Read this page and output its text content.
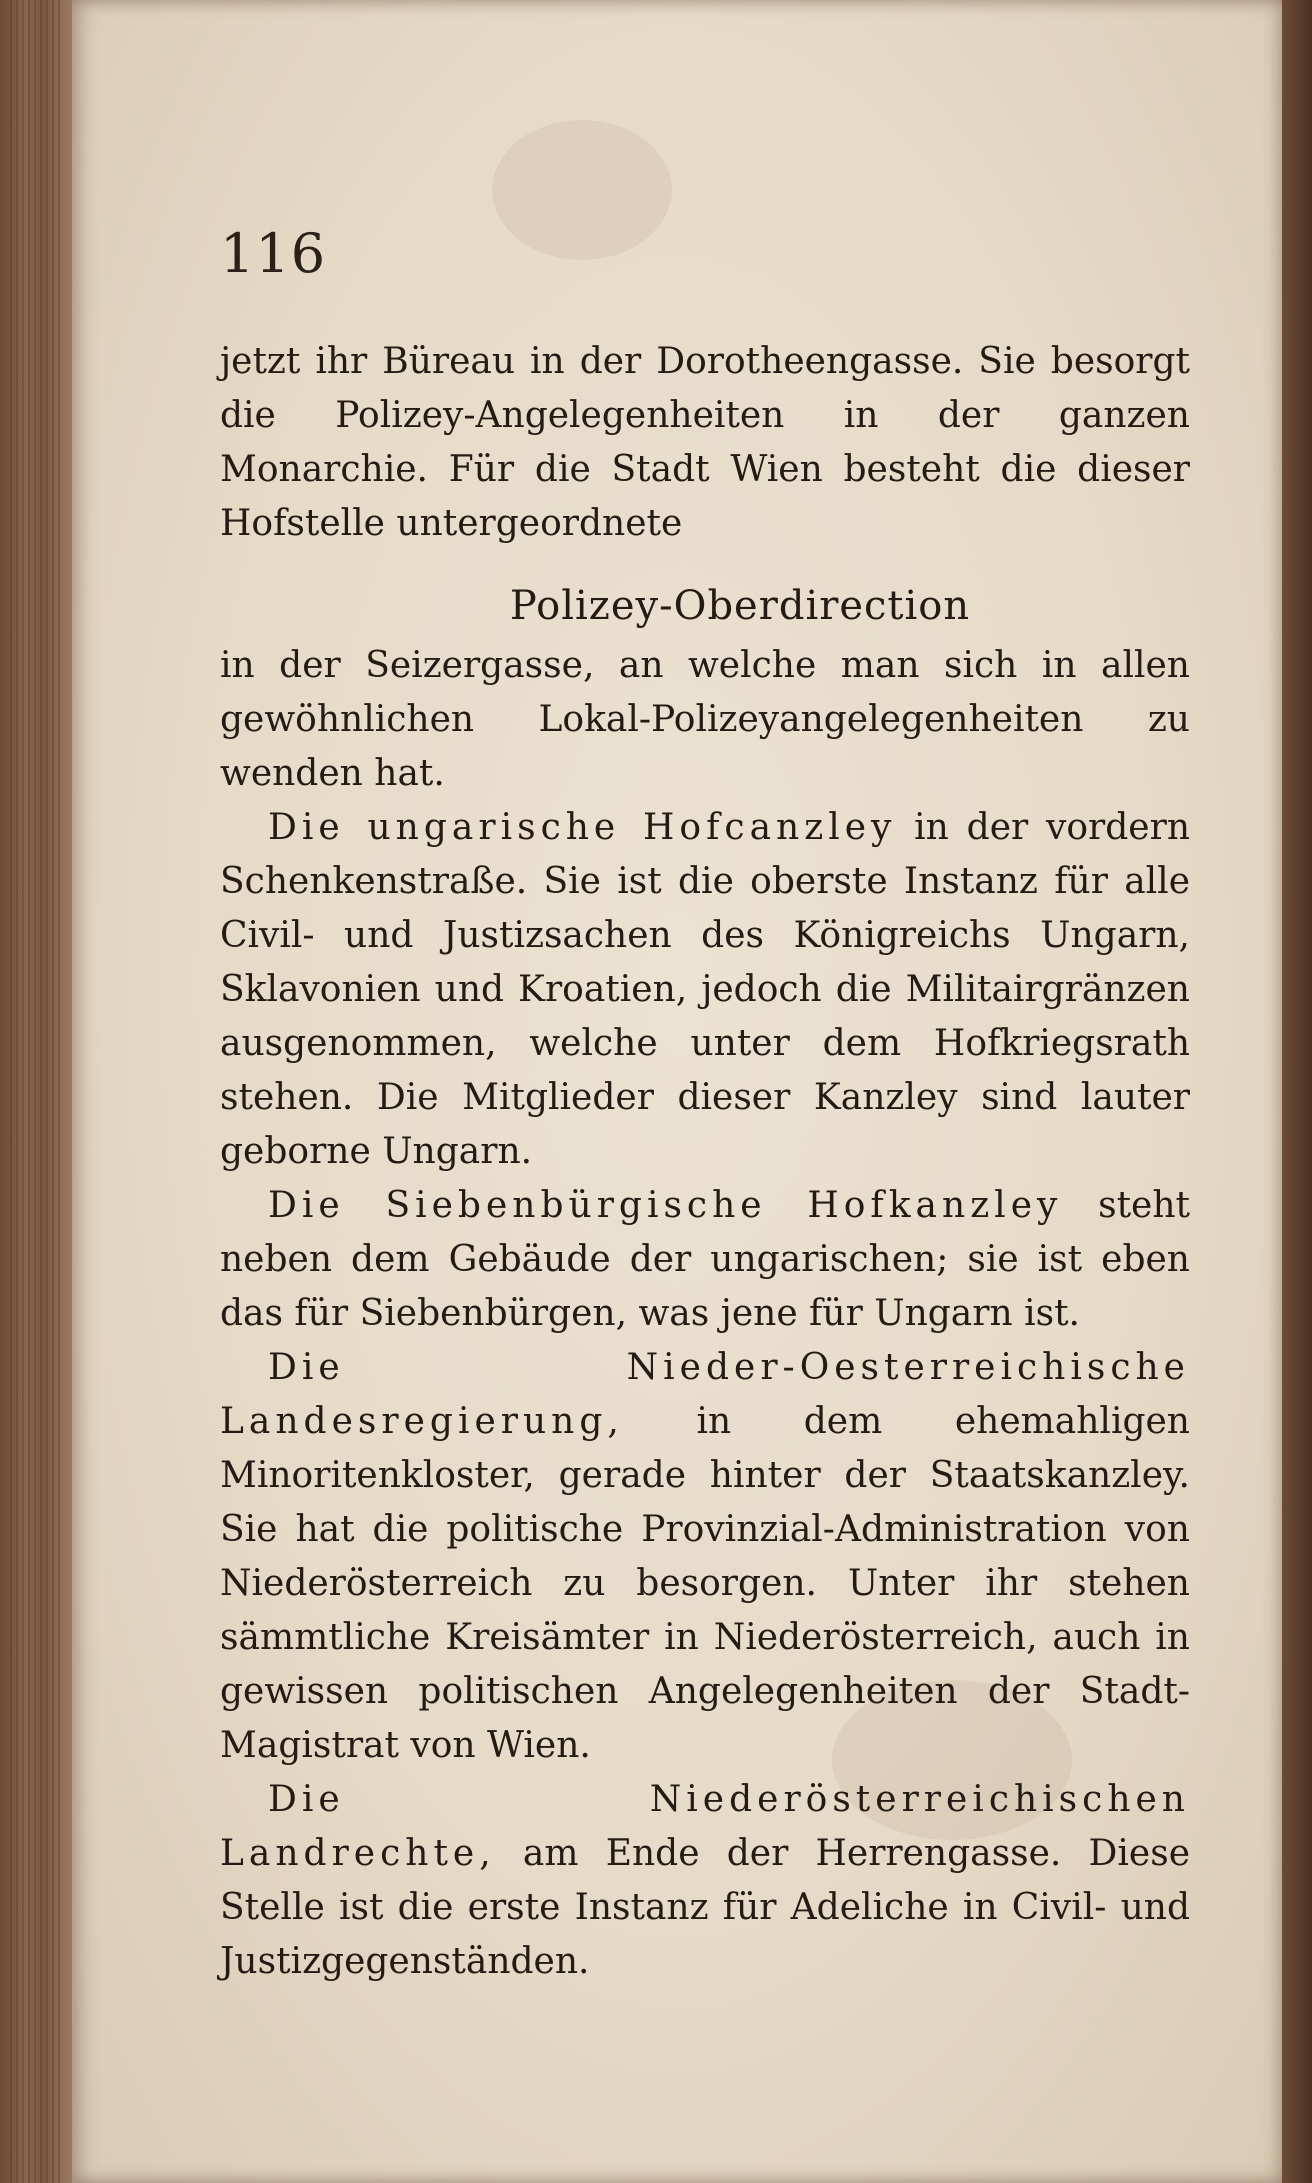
116

jetzt ihr Büreau in der Dorotheengasse. Sie besorgt die Polizey-Angelegenheiten in der ganzen Monarchie. Für die Stadt Wien besteht die dieser Hofstelle untergeordnete

Polizey-Oberdirection

in der Seizergasse, an welche man sich in allen gewöhnlichen Lokal-Polizeyangelegenheiten zu wenden hat.

Die ungarische Hofcanzley in der vordern Schenkenstraße. Sie ist die oberste Instanz für alle Civil- und Justizsachen des Königreichs Ungarn, Sklavonien und Kroatien, jedoch die Militairgränzen ausgenommen, welche unter dem Hofkriegsrath stehen. Die Mitglieder dieser Kanzley sind lauter geborne Ungarn.

Die Siebenbürgische Hofkanzley steht neben dem Gebäude der ungarischen; sie ist eben das für Siebenbürgen, was jene für Ungarn ist.

Die Nieder-Oesterreichische Landesregierung, in dem ehemahligen Minoritenkloster, gerade hinter der Staatskanzley. Sie hat die politische Provinzial-Administration von Niederösterreich zu besorgen. Unter ihr stehen sämmtliche Kreisämter in Niederösterreich, auch in gewissen politischen Angelegenheiten der Stadt-Magistrat von Wien.

Die Niederösterreichischen Landrechte, am Ende der Herrengasse. Diese Stelle ist die erste Instanz für Adeliche in Civil- und Justizgegenständen.
